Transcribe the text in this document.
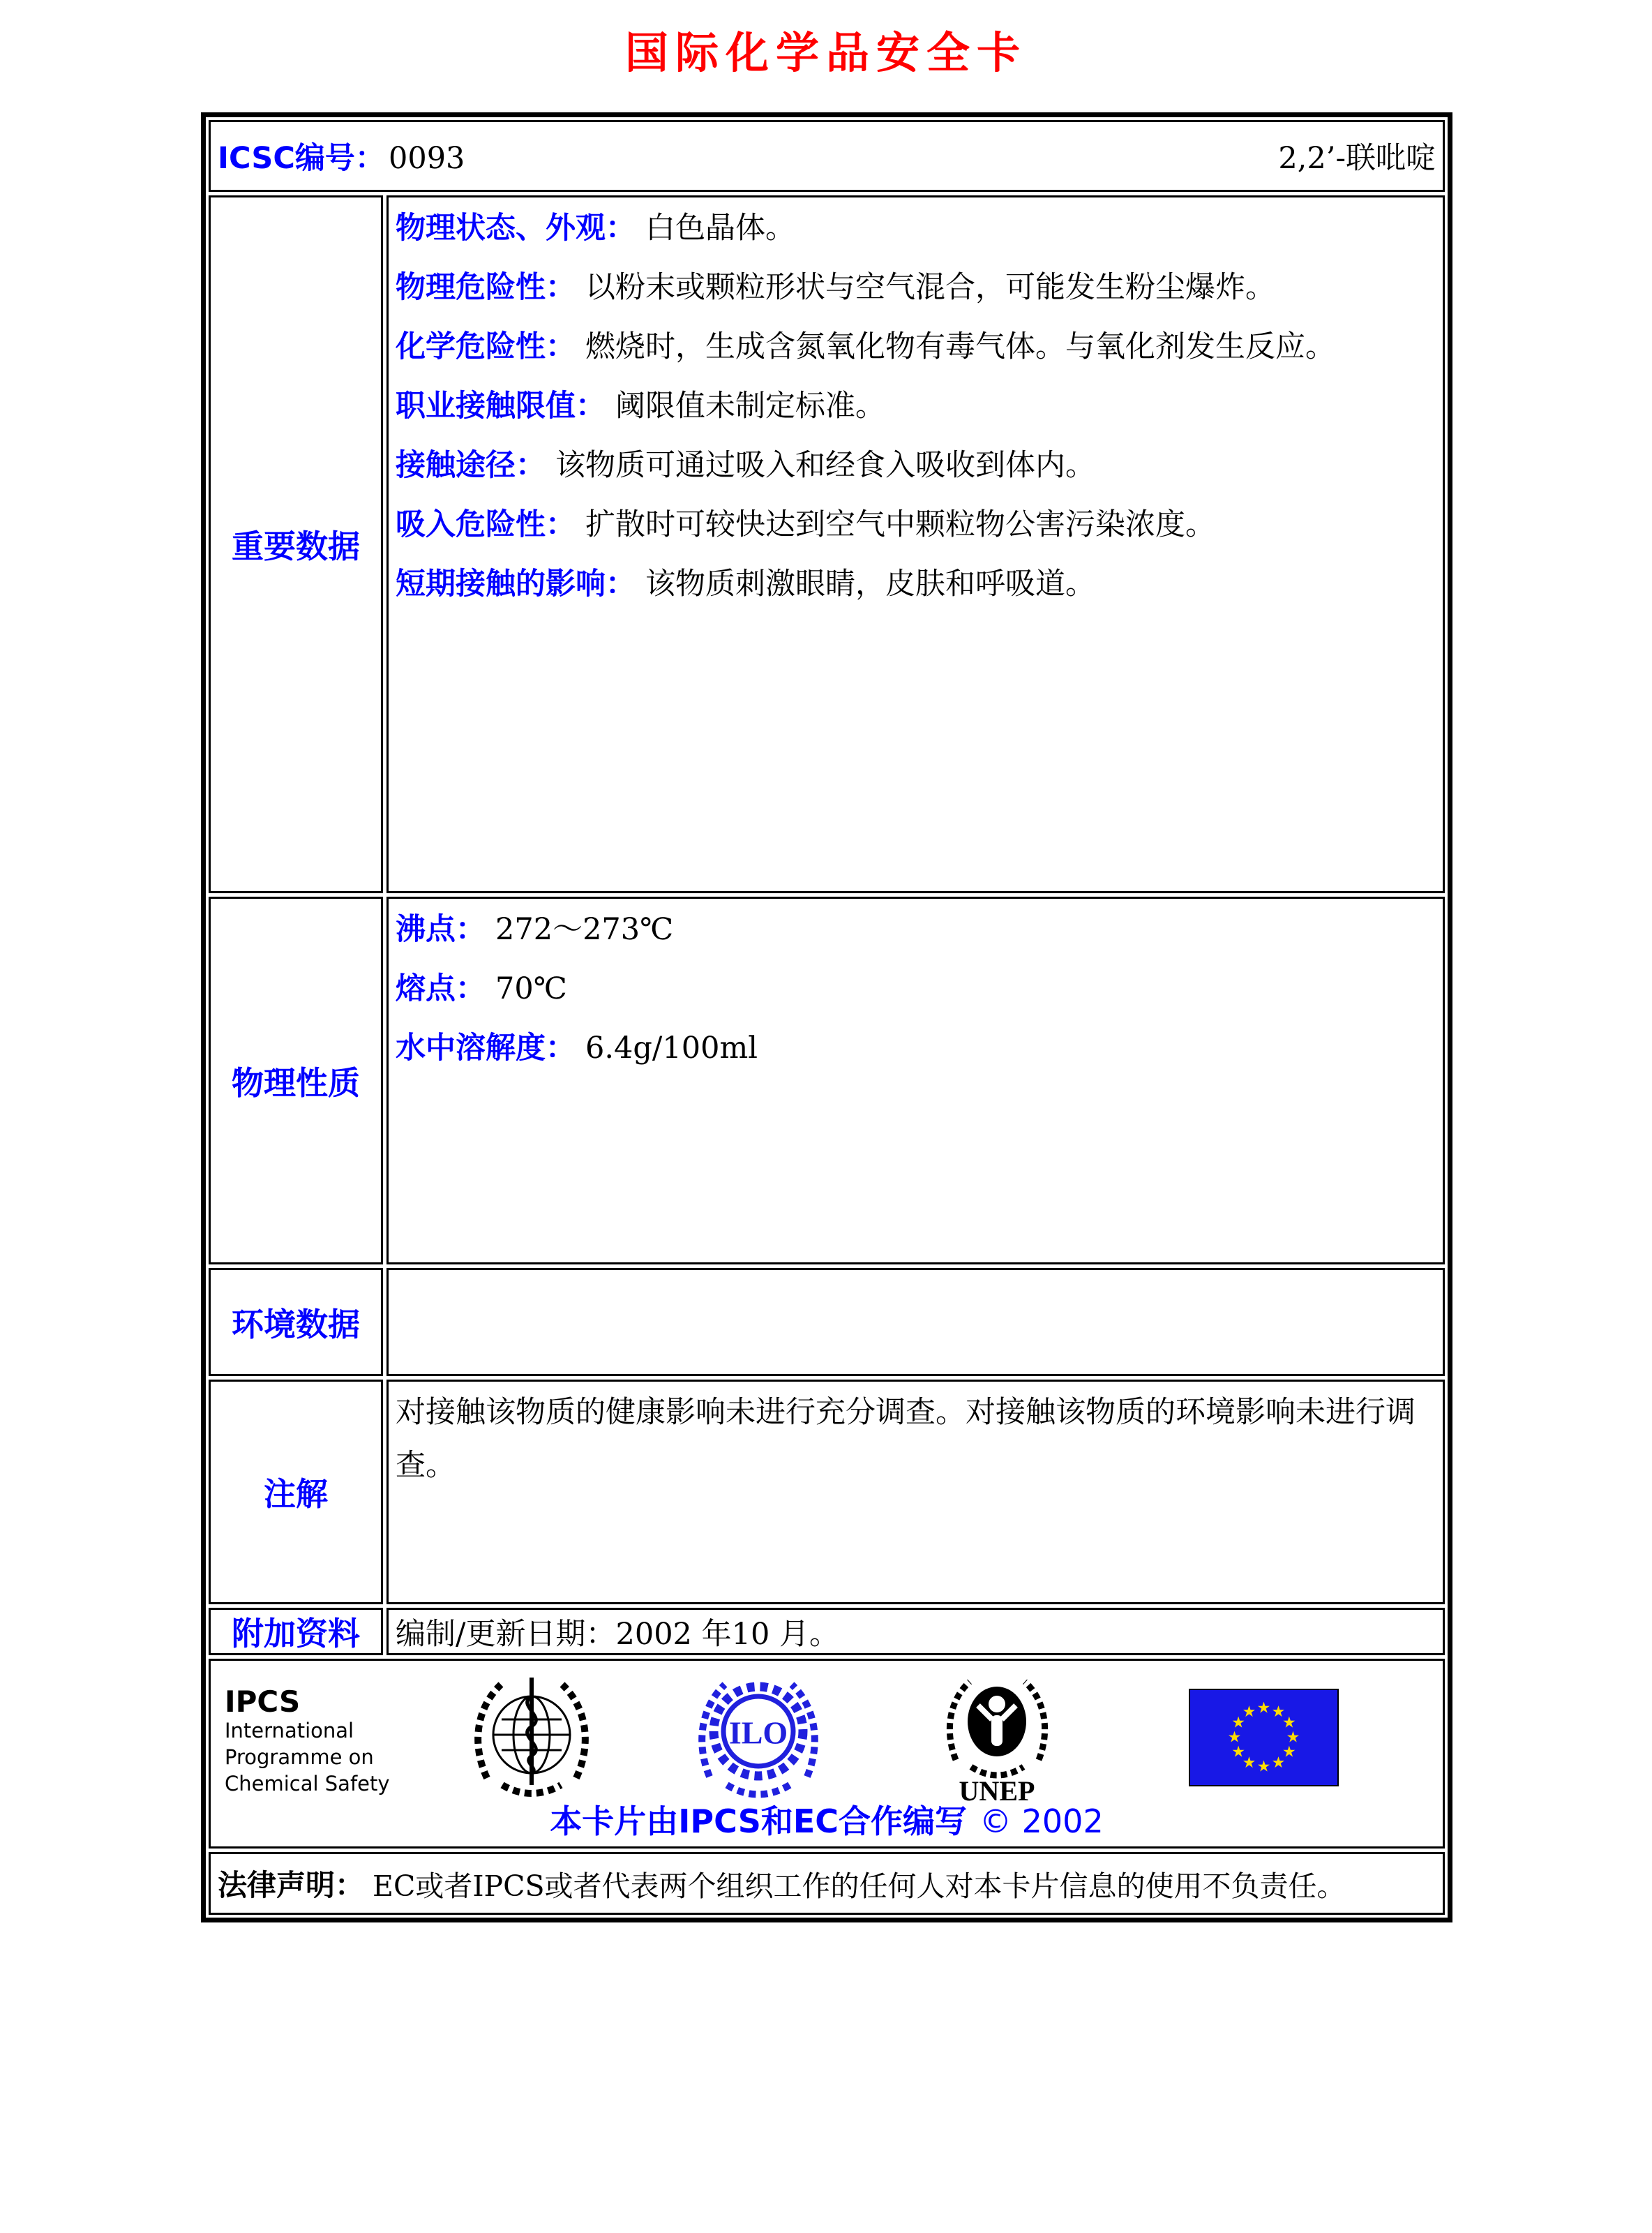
国际化学品安全卡
ICSC编号： 0093	2,2’-联吡啶
重要数据
物理状态、外观： 白色晶体。
物理危险性： 以粉末或颗粒形状与空气混合，可能发生粉尘爆炸。
化学危险性： 燃烧时，生成含氮氧化物有毒气体。与氧化剂发生反应。
职业接触限值： 阈限值未制定标准。
接触途径： 该物质可通过吸入和经食入吸收到体内。
吸入危险性： 扩散时可较快达到空气中颗粒物公害污染浓度。
短期接触的影响： 该物质刺激眼睛，皮肤和呼吸道。
物理性质
沸点： 272～273℃
熔点： 70℃
水中溶解度： 6.4g/100ml
环境数据
注解
对接触该物质的健康影响未进行充分调查。对接触该物质的环境影响未进行调查。
附加资料 编制/更新日期：2002 年10 月。
IPCS
International
Programme on
Chemical Safety
ILO
UNEP
★ ★
★
★
★
★
★
★
★
★
★
★
本卡片由IPCS和EC合作编写 © 2002
法律声明： EC或者IPCS或者代表两个组织工作的任何人对本卡片信息的使用不负责任。
